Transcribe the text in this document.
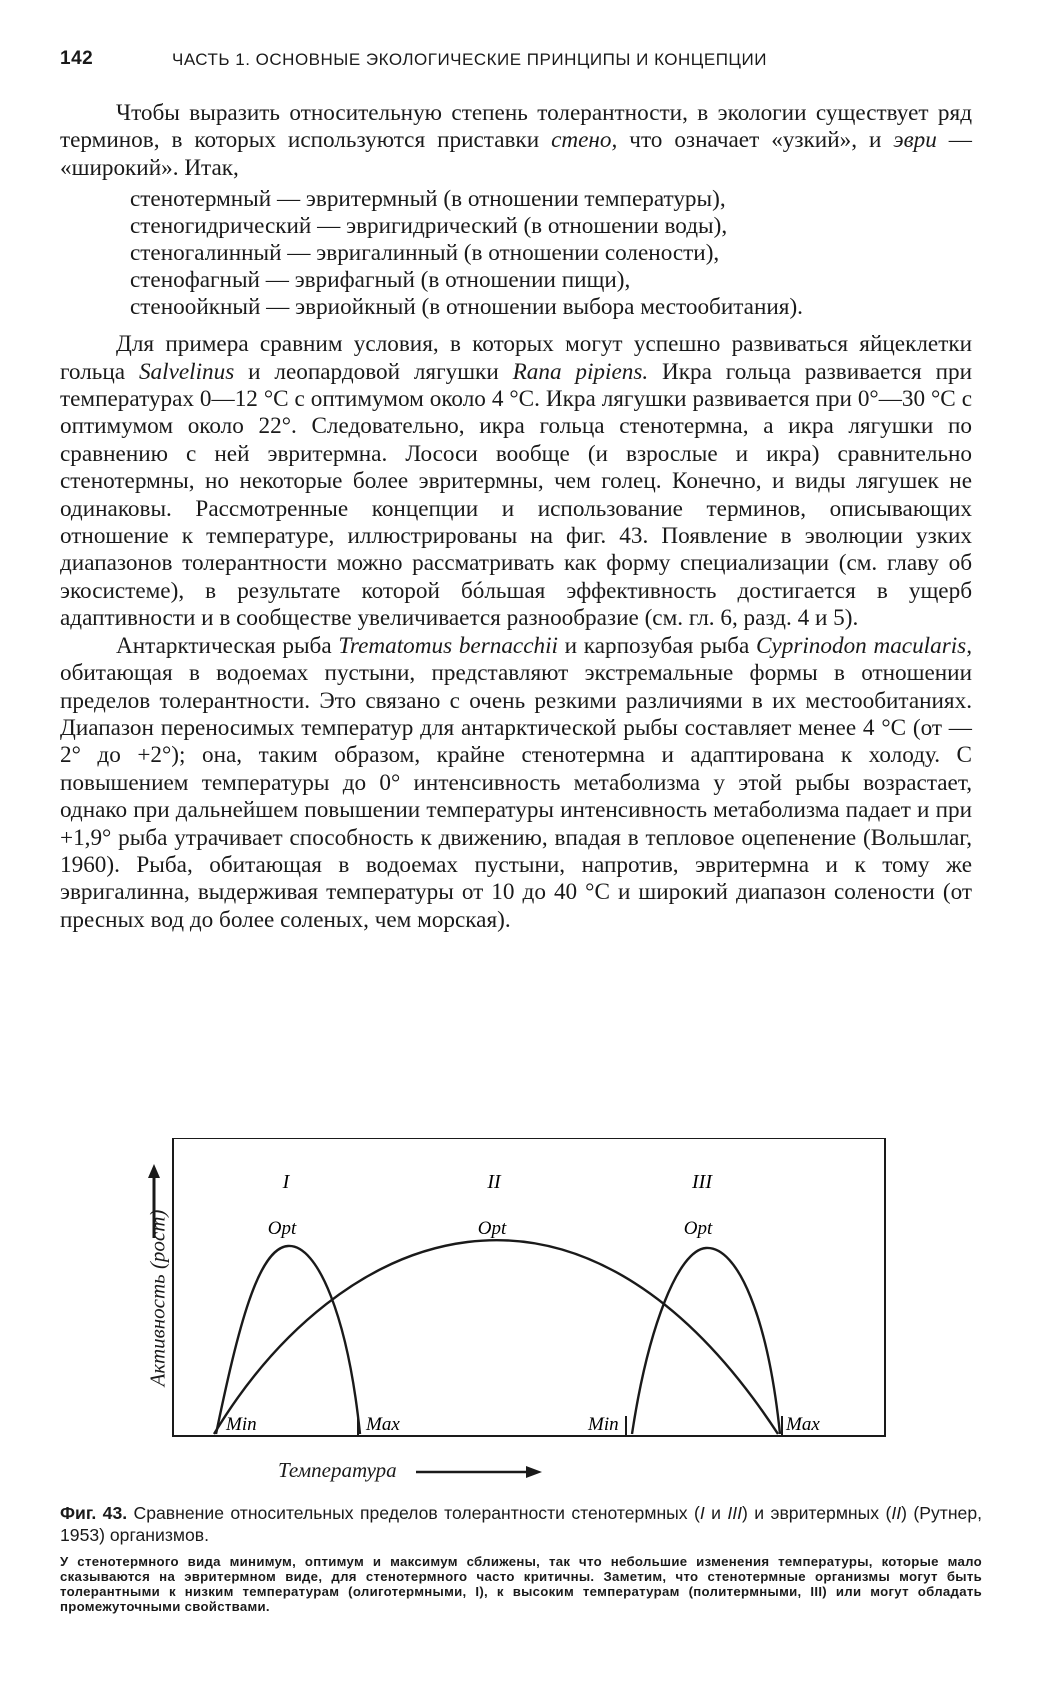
142	ЧАСТЬ 1. ОСНОВНЫЕ ЭКОЛОГИЧЕСКИЕ ПРИНЦИПЫ И КОНЦЕПЦИИ

Чтобы выразить относительную степень толерантности, в экологии существует ряд терминов, в которых используются приставки стено, что означает «узкий», и эври — «широкий». Итак,

стенотермный — эвритермный (в отношении температуры),
стеногидрический — эвригидрический (в отношении воды),
стеногалинный — эвригалинный (в отношении солености),
стенофагный — эврифагный (в отношении пищи),
стеноойкный — эвриойкный (в отношении выбора местообитания).

Для примера сравним условия, в которых могут успешно развиваться яйцеклетки гольца Salvelinus и леопардовой лягушки Rana pipiens. Икра гольца развивается при температурах 0—12 °С с оптимумом около 4 °С. Икра лягушки развивается при 0°—30 °С с оптимумом около 22°. Следовательно, икра гольца стенотермна, а икра лягушки по сравнению с ней эвритермна. Лососи вообще (и взрослые и икра) сравнительно стенотермны, но некоторые более эвритермны, чем голец. Конечно, и виды лягушек не одинаковы. Рассмотренные концепции и использование терминов, описывающих отношение к температуре, иллюстрированы на фиг. 43. Появление в эволюции узких диапазонов толерантности можно рассматривать как форму специализации (см. главу об экосистеме), в результате которой бóльшая эффективность достигается в ущерб адаптивности и в сообществе увеличивается разнообразие (см. гл. 6, разд. 4 и 5).

Антарктическая рыба Trematomus bernacchii и карпозубая рыба Cyprinodon macularis, обитающая в водоемах пустыни, представляют экстремальные формы в отношении пределов толерантности. Это связано с очень резкими различиями в их местообитаниях. Диапазон переносимых температур для антарктической рыбы составляет менее 4 °С (от —2° до +2°); она, таким образом, крайне стенотермна и адаптирована к холоду. С повышением температуры до 0° интенсивность метаболизма у этой рыбы возрастает, однако при дальнейшем повышении температуры интенсивность метаболизма падает и при +1,9° рыба утрачивает способность к движению, впадая в тепловое оцепенение (Вольшлаг, 1960). Рыба, обитающая в водоемах пустыни, напротив, эвритермна и к тому же эвригалинна, выдерживая температуры от 10 до 40 °С и широкий диапазон солености (от пресных вод до более соленых, чем морская).

Активность (рост)
I	II	III
Opt	Opt	Opt
Min	Max	Min	Max
Температура

Фиг. 43. Сравнение относительных пределов толерантности стенотермных (I и III) и эвритермных (II) (Рутнер, 1953) организмов.

У стенотермного вида минимум, оптимум и максимум сближены, так что небольшие изменения температуры, которые мало сказываются на эвритермном виде, для стенотермного часто критичны. Заметим, что стенотермные организмы могут быть толерантными к низким температурам (олиготермными, I), к высоким температурам (политермными, III) или могут обладать промежуточными свойствами.
